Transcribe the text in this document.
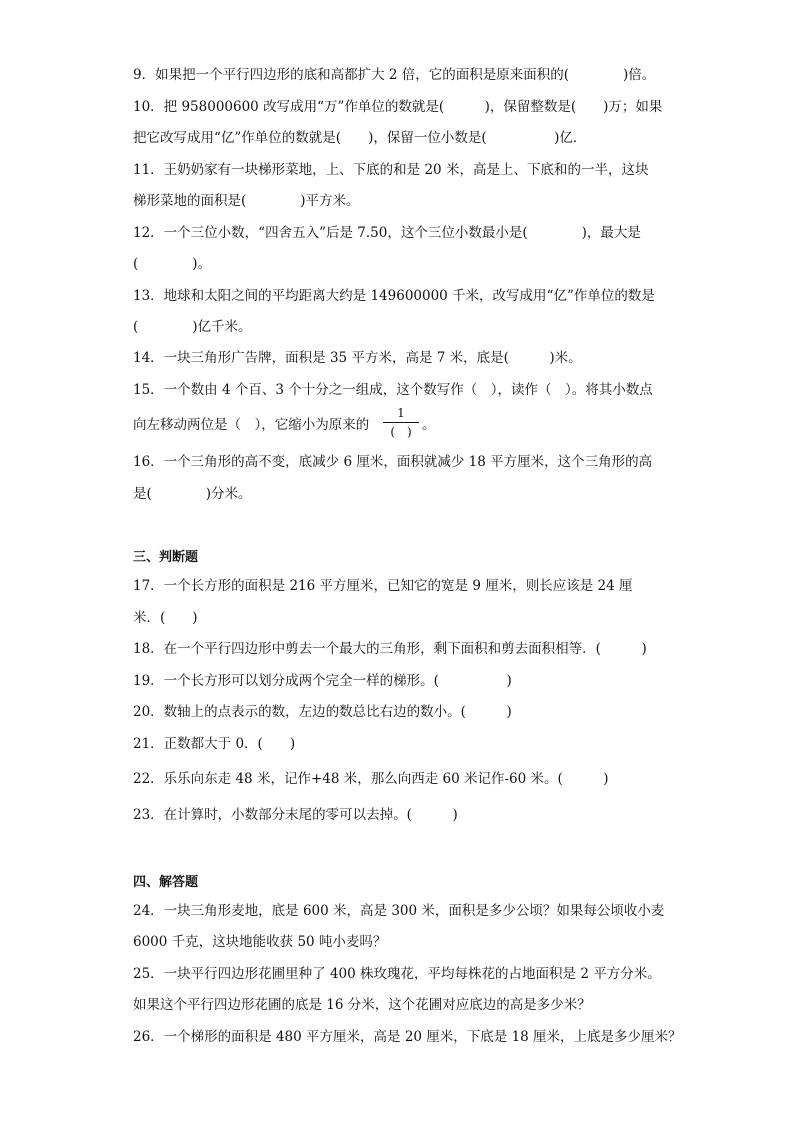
9．如果把一个平行四边形的底和高都扩大 2 倍，它的面积是原来面积的(　　　　)倍。
10．把 958000600 改写成用“万”作单位的数就是(　　　)，保留整数是(　　)万；如果
把它改写成用“亿”作单位的数就是(　　)，保留一位小数是(　　　　　)亿．
11．王奶奶家有一块梯形菜地，上、下底的和是 20 米，高是上、下底和的一半，这块
梯形菜地的面积是(　　　　)平方米。
12．一个三位小数，“四舍五入”后是 7.50，这个三位小数最小是(　　　　)，最大是
(　　　　)。
13．地球和太阳之间的平均距离大约是 149600000 千米，改写成用“亿”作单位的数是
(　　　　)亿千米。
14．一块三角形广告牌，面积是 35 平方米，高是 7 米，底是(　　　)米。
15．一个数由 4 个百、3 个十分之一组成，这个数写作（　），读作（　）。将其小数点
向左移动两位是（　），它缩小为原来的
1
(　) 。
16．一个三角形的高不变，底减少 6 厘米，面积就减少 18 平方厘米，这个三角形的高
是(　　　　)分米。
三、判断题
17．一个长方形的面积是 216 平方厘米，已知它的宽是 9 厘米，则长应该是 24 厘
米．(　　)
18．在一个平行四边形中剪去一个最大的三角形，剩下面积和剪去面积相等．(　　　)
19．一个长方形可以划分成两个完全一样的梯形。(　　　　　)
20．数轴上的点表示的数，左边的数总比右边的数小。(　　　)
21．正数都大于 0．(　　)
22．乐乐向东走 48 米，记作+48 米，那么向西走 60 米记作-60 米。(　　　)
23．在计算时，小数部分末尾的零可以去掉。(　　　)
四、解答题
24．一块三角形麦地，底是 600 米，高是 300 米，面积是多少公顷？如果每公顷收小麦
6000 千克，这块地能收获 50 吨小麦吗？
25．一块平行四边形花圃里种了 400 株玫瑰花，平均每株花的占地面积是 2 平方分米。
如果这个平行四边形花圃的底是 16 分米，这个花圃对应底边的高是多少米？
26．一个梯形的面积是 480 平方厘米，高是 20 厘米，下底是 18 厘米，上底是多少厘米？
